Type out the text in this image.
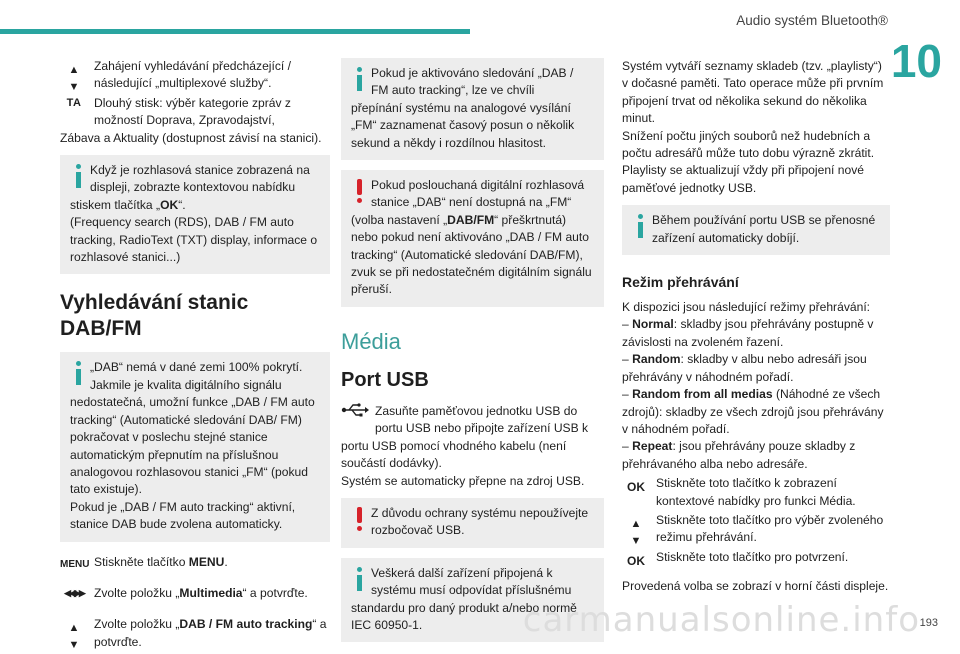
Audio systém Bluetooth®
10
▲
▼
Zahájení vyhledávání předcházející / následující „multiplexové služby“.
TA	Dlouhý stisk: výběr kategorie zpráv z možností Doprava, Zpravodajství,
Zábava a Aktuality (dostupnost závisí na stanici).
Když je rozhlasová stanice zobrazená na displeji, zobrazte kontextovou nabídku
stiskem tlačítka „OK“.
(Frequency search (RDS), DAB / FM auto tracking, RadioText (TXT) display, informace o rozhlasové stanici...)
Vyhledávání stanic DAB/FM
„DAB“ nemá v dané zemi 100% pokrytí. Jakmile je kvalita digitálního signálu
nedostatečná, umožní funkce „DAB / FM auto tracking“ (Automatické sledování DAB/ FM) pokračovat v poslechu stejné stanice automatickým přepnutím na příslušnou analogovou rozhlasovou stanici „FM“ (pokud tato existuje).
Pokud je „DAB / FM auto tracking“ aktivní, stanice DAB bude zvolena automaticky.
MENU Stiskněte tlačítko MENU.
◀◀▶▶ Zvolte položku „Multimedia“ a potvrďte.
▲
▼
Zvolte položku „DAB / FM auto tracking“ a potvrďte.
Pokud je aktivováno sledování „DAB / FM auto tracking“, lze ve chvíli
přepínání systému na analogové vysílání „FM“ zaznamenat časový posun o několik sekund a někdy i rozdílnou hlasitost.
Pokud poslouchaná digitální rozhlasová stanice „DAB“ není dostupná na „FM“
(volba nastavení „DAB/FM“ přeškrtnutá) nebo pokud není aktivováno „DAB / FM auto tracking“ (Automatické sledování DAB/FM), zvuk se při nedostatečném digitálním signálu přeruší.
Média
Port USB
Zasuňte paměťovou jednotku USB do portu USB nebo připojte zařízení USB k
portu USB pomocí vhodného kabelu (není součástí dodávky).
Systém se automaticky přepne na zdroj USB.
Z důvodu ochrany systému nepoužívejte rozbočovač USB.
Veškerá další zařízení připojená k systému musí odpovídat příslušnému
standardu pro daný produkt a/nebo normě IEC 60950-1.
Systém vytváří seznamy skladeb (tzv. „playlisty“) v dočasné paměti. Tato operace může při prvním připojení trvat od několika sekund do několika minut.
Snížení počtu jiných souborů než hudebních a počtu adresářů může tuto dobu výrazně zkrátit.
Playlisty se aktualizují vždy při připojení nové paměťové jednotky USB.
Během používání portu USB se přenosné zařízení automaticky dobíjí.
Režim přehrávání
K dispozici jsou následující režimy přehrávání:
– Normal: skladby jsou přehrávány postupně v závislosti na zvoleném řazení.
– Random: skladby v albu nebo adresáři jsou přehrávány v náhodném pořadí.
– Random from all medias (Náhodné ze všech zdrojů): skladby ze všech zdrojů jsou přehrávány v náhodném pořadí.
– Repeat: jsou přehrávány pouze skladby z přehrávaného alba nebo adresáře.
OK Stiskněte toto tlačítko k zobrazení kontextové nabídky pro funkci Média.
▲
▼
Stiskněte toto tlačítko pro výběr zvoleného režimu přehrávání.
OK Stiskněte toto tlačítko pro potvrzení.
Provedená volba se zobrazí v horní části displeje.
carmanualsonline.info 193
